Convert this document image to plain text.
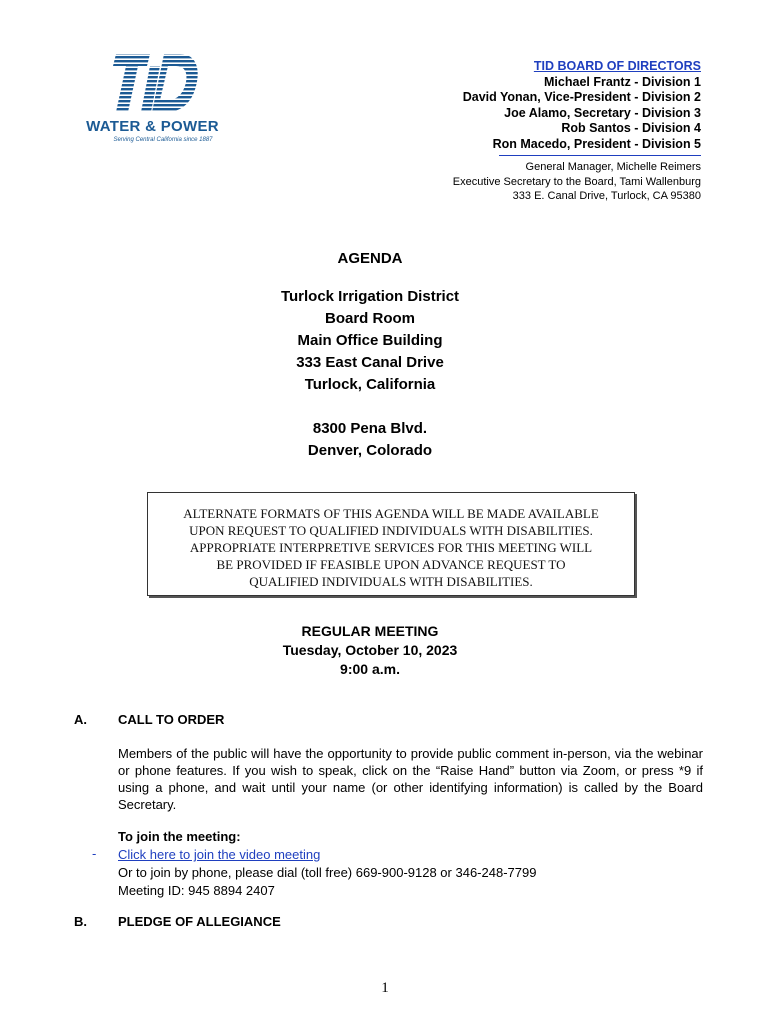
WATER & POWER
Serving Central California since 1887
TID BOARD OF DIRECTORS
Michael Frantz - Division 1
David Yonan, Vice-President - Division 2
Joe Alamo, Secretary - Division 3
Rob Santos - Division 4
Ron Macedo, President - Division 5
General Manager, Michelle Reimers
Executive Secretary to the Board, Tami Wallenburg
333 E. Canal Drive, Turlock, CA 95380
AGENDA
Turlock Irrigation District
Board Room
Main Office Building
333 East Canal Drive
Turlock, California
8300 Pena Blvd.
Denver, Colorado
ALTERNATE FORMATS OF THIS AGENDA WILL BE MADE AVAILABLE
UPON REQUEST TO QUALIFIED INDIVIDUALS WITH DISABILITIES.
APPROPRIATE INTERPRETIVE SERVICES FOR THIS MEETING WILL
BE PROVIDED IF FEASIBLE UPON ADVANCE REQUEST TO
QUALIFIED INDIVIDUALS WITH DISABILITIES.
REGULAR MEETING
Tuesday, October 10, 2023
9:00 a.m.
A. CALL TO ORDER
Members of the public will have the opportunity to provide public comment in-person, via the webinar or phone features. If you wish to speak, click on the “Raise Hand” button via Zoom, or press *9 if using a phone, and wait until your name (or other identifying information) is called by the Board Secretary.
-
To join the meeting:
Click here to join the video meeting
Or to join by phone, please dial (toll free) 669-900-9128 or 346-248-7799
Meeting ID: 945 8894 2407
B. PLEDGE OF ALLEGIANCE
1
